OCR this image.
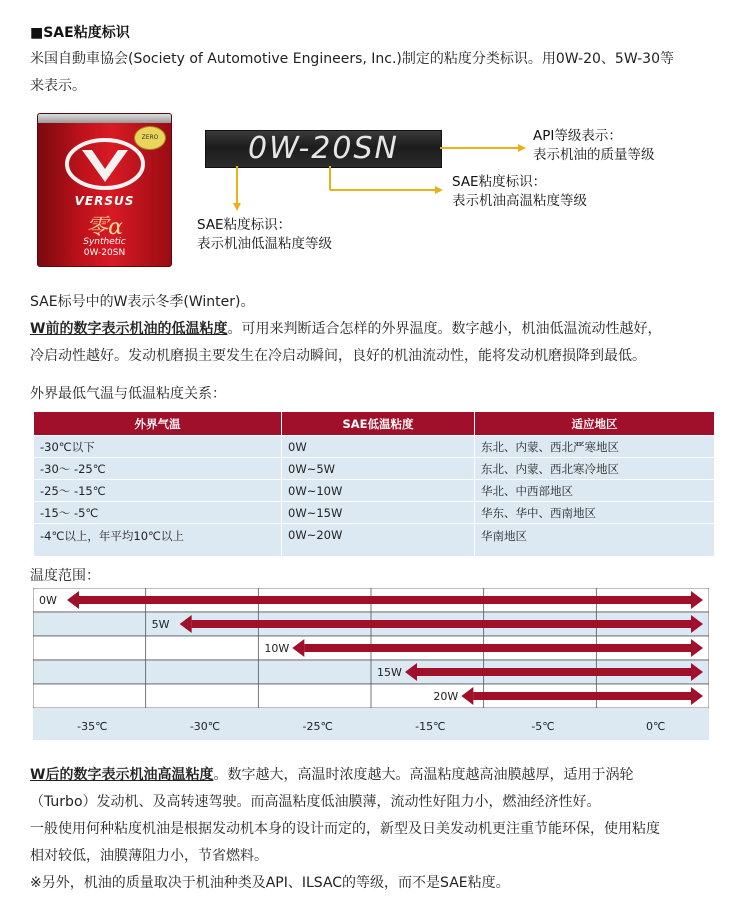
■SAE粘度标识
米国自動車協会(Society of Automotive Engineers, Inc.)制定的粘度分类标识。用0W-20、5W-30等
来表示。
ZERO
VERSUS
零α
Synthetic
0W-20SN
0W-20SN	API等级表示：
表示机油的质量等级
SAE粘度标识：
表示机油高温粘度等级
SAE粘度标识：
表示机油低温粘度等级
SAE标号中的W表示冬季(Winter)。
W前的数字表示机油的低温粘度。可用来判断适合怎样的外界温度。数字越小，机油低温流动性越好，
冷启动性越好。发动机磨损主要发生在冷启动瞬间，良好的机油流动性，能将发动机磨损降到最低。
外界最低气温与低温粘度关系：
外界气温	SAE低温粘度	适应地区
-30℃以下	0W	东北、内蒙、西北严寒地区
-30～ -25℃	0W~5W	东北、内蒙、西北寒冷地区
-25～ -15℃	0W~10W	华北、中西部地区
-15～ -5℃	0W~15W	华东、华中、西南地区
-4℃以上，年平均10℃以上	0W~20W	华南地区
温度范围：
0W
5W
10W
15W
20W
-35℃	-30℃	-25℃	-15℃	-5℃	0℃
W后的数字表示机油高温粘度。数字越大，高温时浓度越大。高温粘度越高油膜越厚，适用于涡轮
（Turbo）发动机、及高转速驾驶。而高温粘度低油膜薄，流动性好阻力小，燃油经济性好。
一般使用何种粘度机油是根据发动机本身的设计而定的，新型及日美发动机更注重节能环保，使用粘度
相对较低，油膜薄阻力小，节省燃料。
※另外，机油的质量取决于机油种类及API、ILSAC的等级，而不是SAE粘度。
